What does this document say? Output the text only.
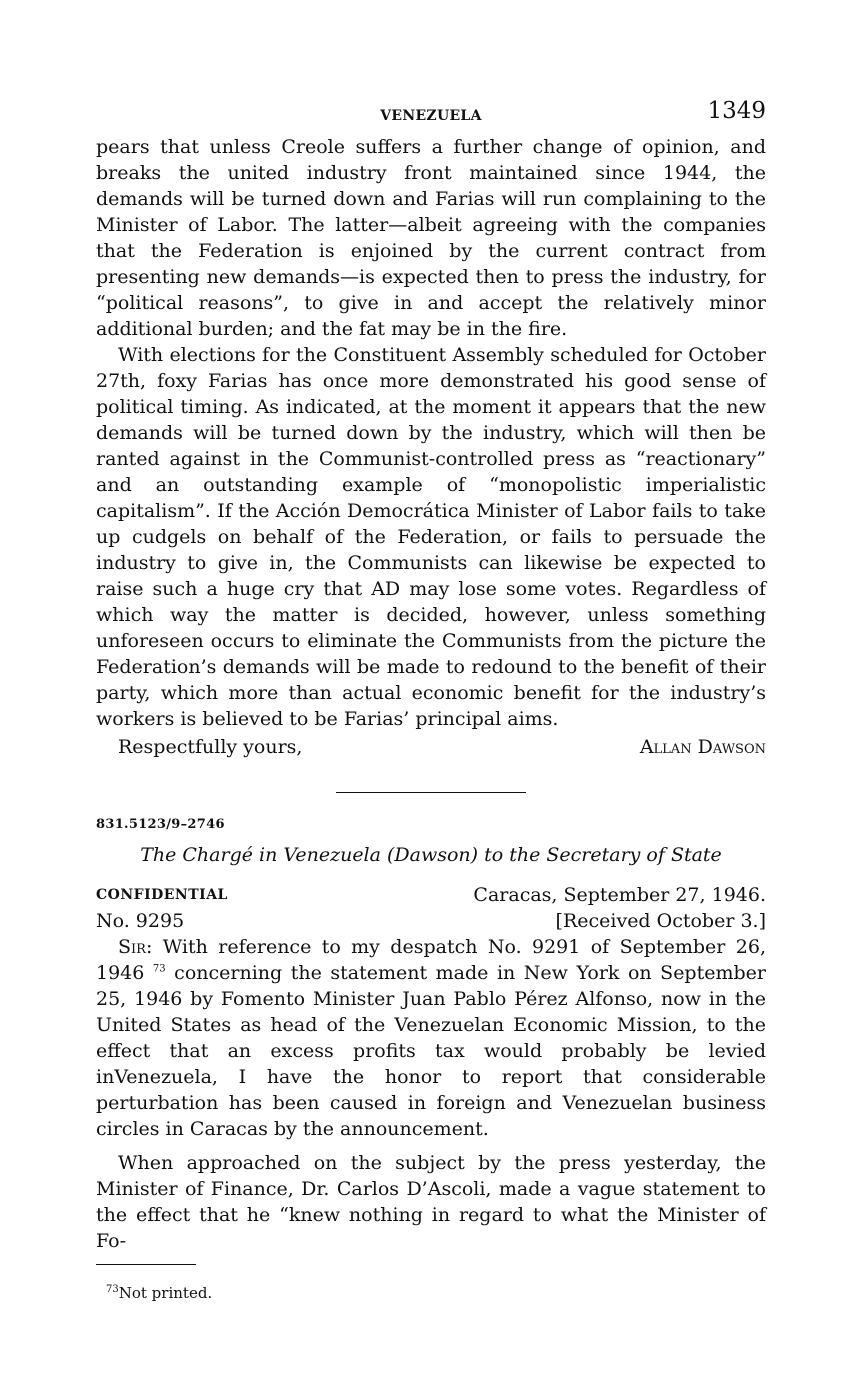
VENEZUELA	1349

pears that unless Creole suffers a further change of opinion, and breaks the united industry front maintained since 1944, the demands will be turned down and Farias will run complaining to the Minister of Labor. The latter—albeit agreeing with the companies that the Federation is enjoined by the current contract from presenting new demands—is expected then to press the industry, for “political reasons”, to give in and accept the relatively minor additional burden; and the fat may be in the fire.

With elections for the Constituent Assembly scheduled for October 27th, foxy Farias has once more demonstrated his good sense of political timing. As indicated, at the moment it appears that the new demands will be turned down by the industry, which will then be ranted against in the Communist-controlled press as “reactionary” and an outstanding example of “monopolistic imperialistic capitalism”. If the Acción Democrática Minister of Labor fails to take up cudgels on behalf of the Federation, or fails to persuade the industry to give in, the Communists can likewise be expected to raise such a huge cry that AD may lose some votes. Regardless of which way the matter is decided, however, unless something unforeseen occurs to eliminate the Communists from the picture the Federation’s demands will be made to redound to the benefit of their party, which more than actual economic benefit for the industry’s workers is believed to be Farias’ principal aims.

Respectfully yours,	Allan Dawson
831.5123/9–2746
The Chargé in Venezuela (Dawson) to the Secretary of State
CONFIDENTIAL	Caracas, September 27, 1946.
No. 9295	[Received October 3.]

Sir: With reference to my despatch No. 9291 of September 26, 1946 $^{73}$ concerning the statement made in New York on September 25, 1946 by Fomento Minister Juan Pablo Pérez Alfonso, now in the United States as head of the Venezuelan Economic Mission, to the effect that an excess profits tax would probably be levied inVenezuela, I have the honor to report that considerable perturbation has been caused in foreign and Venezuelan business circles in Caracas by the announcement.

When approached on the subject by the press yesterday, the Minister of Finance, Dr. Carlos D’Ascoli, made a vague statement to the effect that he “knew nothing in regard to what the Minister of Fo-

$^{73}$Not printed.
